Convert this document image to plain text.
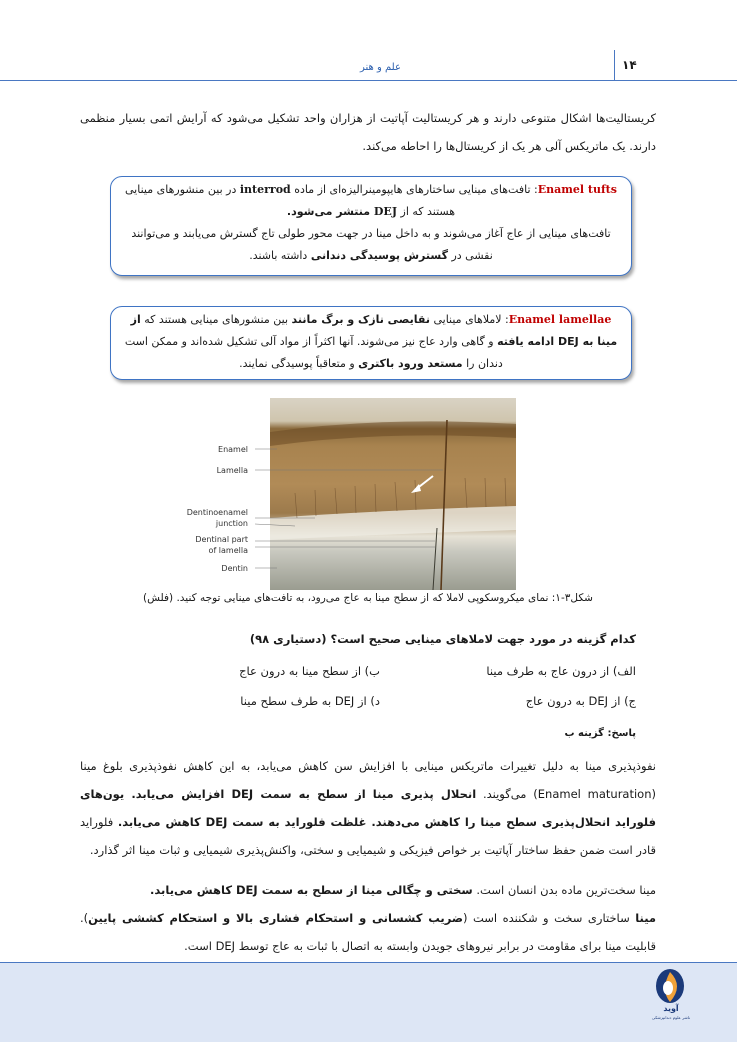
۱۴
علم و هنر
کریستالیت‌ها اشکال متنوعی دارند و هر کریستالیت آپاتیت از هزاران واحد تشکیل می‌شود که آرایش اتمی بسیار منظمی دارند. یک ماتریکس آلی هر یک از کریستال‌ها را احاطه می‌کند.
Enamel tufts: تافت‌های مینایی ساختارهای هایپومینرالیزه‌ای از ماده interrod در بین منشورهای مینایی هستند که از DEJ منتشر می‌شود.
تافت‌های مینایی از عاج آغاز می‌شوند و به داخل مینا در جهت محور طولی تاج گسترش می‌یابند و می‌توانند نقشی در گسترش پوسیدگی دندانی داشته باشند.
Enamel lamellae: لاملاهای مینایی نقایصی نازک و برگ مانند بین منشورهای مینایی هستند که از مینا به DEJ ادامه یافته و گاهی وارد عاج نیز می‌شوند. آنها اکثراً از مواد آلی تشکیل شده‌اند و ممکن است دندان را مستعد ورود باکتری و متعاقباً پوسیدگی نمایند.
Enamel
Lamella
Dentinoenamel
junction
Dentinal part
of lamella
Dentin
شکل۳-۱: نمای میکروسکوپی لاملا که از سطح مینا به عاج می‌رود، به تافت‌های مینایی توجه کنید. (فلش)
کدام گزینه در مورد جهت لاملاهای مینایی صحیح است؟ (دستیاری ۹۸)
الف) از درون عاج به طرف مینا
ب) از سطح مینا به درون عاج
ج) از DEJ به درون عاج
د) از DEJ به طرف سطح مینا
پاسخ: گزینه ب
نفوذپذیری مینا به دلیل تغییرات ماتریکس مینایی با افزایش سن کاهش می‌یابد، به این کاهش نفوذپذیری بلوغ مینا (Enamel maturation) می‌گویند. انحلال پذیری مینا از سطح به سمت DEJ افزایش می‌یابد. یون‌های فلوراید انحلال‌پذیری سطح مینا را کاهش می‌دهند. غلظت فلوراید به سمت DEJ کاهش می‌یابد. فلوراید قادر است ضمن حفظ ساختار آپاتیت بر خواص فیزیکی و شیمیایی و سختی، واکنش‌پذیری شیمیایی و ثبات مینا اثر گذارد.
مینا سخت‌ترین ماده بدن انسان است. سختی و چگالی مینا از سطح به سمت DEJ کاهش می‌یابد.
مینا ساختاری سخت و شکننده است (ضریب کشسانی و استحکام فشاری بالا و استحکام کششی پایین). قابلیت مینا برای مقاومت در برابر نیروهای جویدن وابسته به اتصال با ثبات به عاج توسط DEJ است.
آوید
ناشر علوم دندانپزشکی
